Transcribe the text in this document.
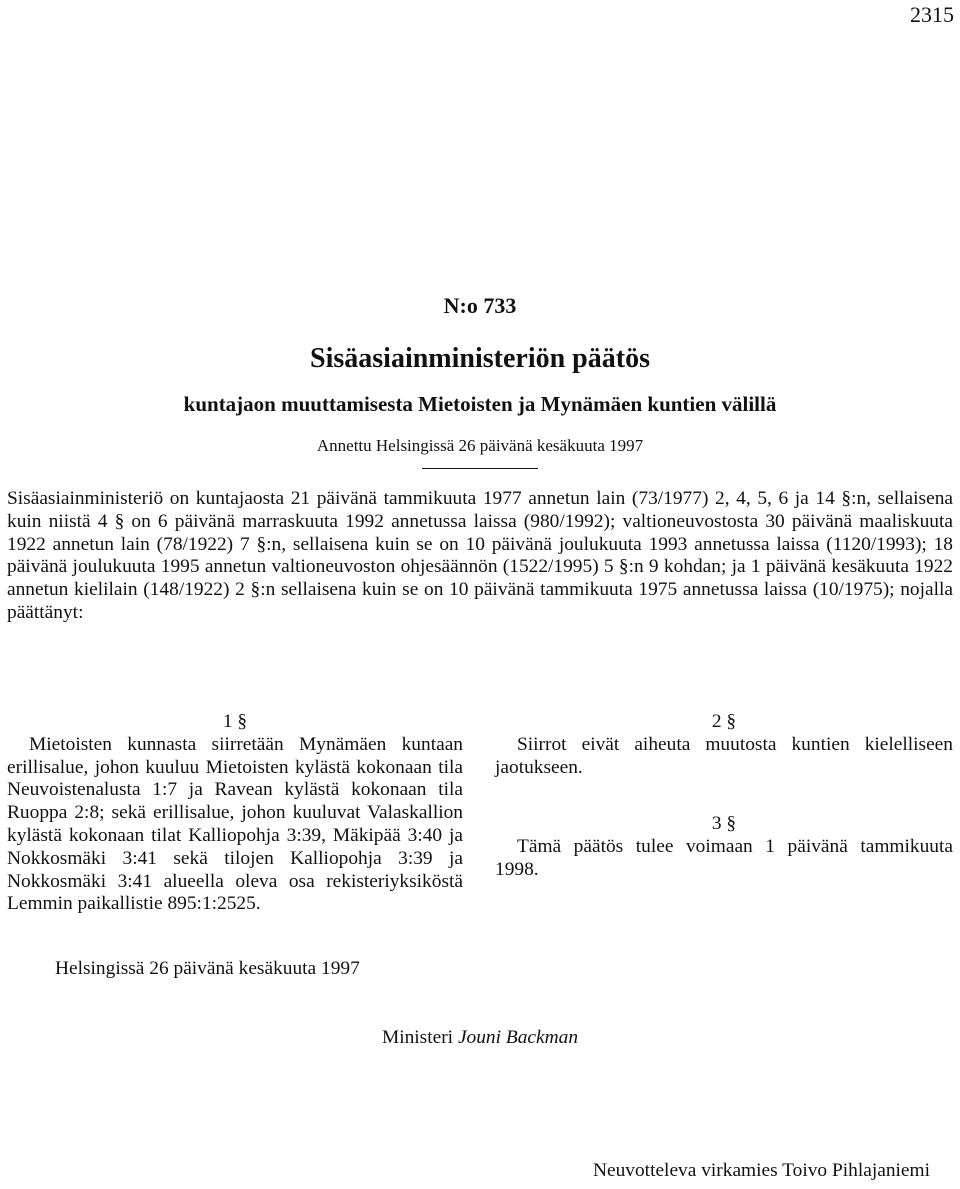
2315
N:o 733
Sisäasiainministeriön päätös
kuntajaon muuttamisesta Mietoisten ja Mynämäen kuntien välillä
Annettu Helsingissä 26 päivänä kesäkuuta 1997

Sisäasiainministeriö on kuntajaosta 21 päivänä tammikuuta 1977 annetun lain (73/1977) 2, 4, 5, 6 ja 14 §:n, sellaisena kuin niistä 4 § on 6 päivänä marraskuuta 1992 annetussa laissa (980/1992); valtioneuvostosta 30 päivänä maaliskuuta 1922 annetun lain (78/1922) 7 §:n, sellaisena kuin se on 10 päivänä joulukuuta 1993 annetussa laissa (1120/1993); 18 päivänä joulukuuta 1995 annetun valtioneuvoston ohjesäännön (1522/1995) 5 §:n 9 kohdan; ja 1 päivänä kesäkuuta 1922 annetun kielilain (148/1922) 2 §:n sellaisena kuin se on 10 päivänä tammikuuta 1975 annetussa laissa (10/1975); nojalla päättänyt:

1 §

Mietoisten kunnasta siirretään Mynämäen kuntaan erillisalue, johon kuuluu Mietoisten kylästä kokonaan tila Neuvoistenalusta 1:7 ja Ravean kylästä kokonaan tila Ruoppa 2:8; sekä erillisalue, johon kuuluvat Valaskallion kylästä kokonaan tilat Kalliopohja 3:39, Mäkipää 3:40 ja Nokkosmäki 3:41 sekä tilojen Kalliopohja 3:39 ja Nokkosmäki 3:41 alueella oleva osa rekisteriyksiköstä Lemmin paikallistie 895:1:2525.

2 §

Siirrot eivät aiheuta muutosta kuntien kielelliseen jaotukseen.

3 §

Tämä päätös tulee voimaan 1 päivänä tammikuuta 1998.

Helsingissä 26 päivänä kesäkuuta 1997
Ministeri Jouni Backman
Neuvotteleva virkamies Toivo Pihlajaniemi
